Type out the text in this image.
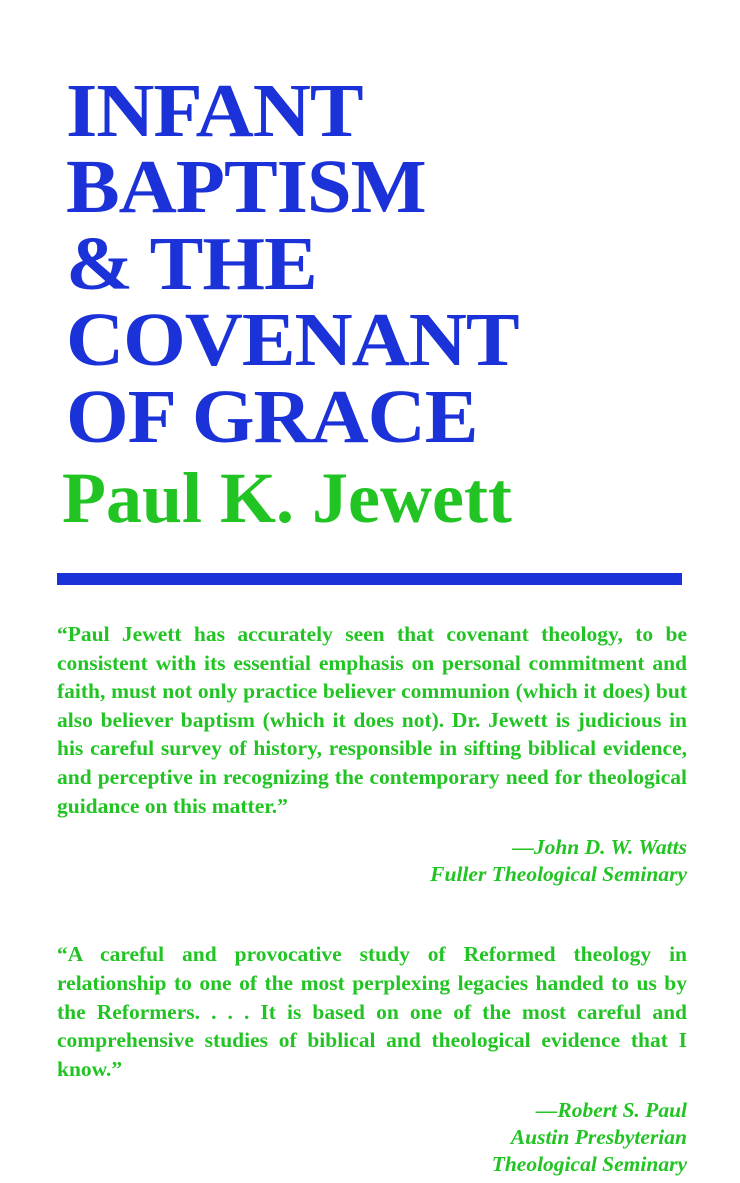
INFANT
BAPTISM
& THE
COVENANT
OF GRACE
Paul K. Jewett
“Paul Jewett has accurately seen that covenant theology, to be consistent with its essential emphasis on personal commitment and faith, must not only practice believer communion (which it does) but also believer baptism (which it does not). Dr. Jewett is judicious in his careful survey of history, responsible in sifting biblical evidence, and perceptive in recognizing the contemporary need for theological guidance on this matter.”
—John D. W. Watts
Fuller Theological Seminary
“A careful and provocative study of Reformed theology in relationship to one of the most perplexing legacies handed to us by the Reformers. . . . It is based on one of the most careful and comprehensive studies of biblical and theological evidence that I know.”
—Robert S. Paul
Austin Presbyterian
Theological Seminary
